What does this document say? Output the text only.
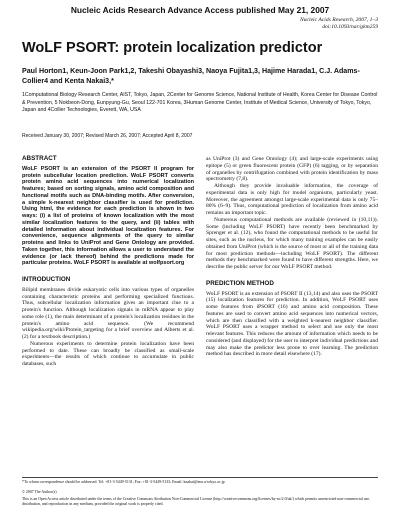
Nucleic Acids Research Advance Access published May 21, 2007
Nucleic Acids Research, 2007, 1–3
doi:10.1093/nar/gkm259
WoLF PSORT: protein localization predictor
Paul Horton1, Keun-Joon Park1,2, Takeshi Obayashi3, Naoya Fujita1,3, Hajime Harada1, C.J. Adams-Collier4 and Kenta Nakai3,*
1Computational Biology Research Center, AIST, Tokyo, Japan, 2Center for Genome Science, National Institute of Health, Korea Center for Disease Control & Prevention, 5 Nokbeon-Dong, Eunpyung-Gu, Seoul 122-701 Korea, 3Human Genome Center, Institute of Medical Science, University of Tokyo, Tokyo, Japan and 4Collier Technologies, Everett, WA, USA
Received January 30, 2007; Revised March 26, 2007; Accepted April 8, 2007
ABSTRACT

WoLF PSORT is an extension of the PSORT II program for protein subcellular location prediction. WoLF PSORT converts protein amino acid sequences into numerical localization features; based on sorting signals, amino acid composition and functional motifs such as DNA-binding motifs. After conversion, a simple k-nearest neighbor classifier is used for prediction. Using html, the evidence for each prediction is shown in two ways: (i) a list of proteins of known localization with the most similar localization features to the query, and (ii) tables with detailed information about individual localization features. For convenience, sequence alignments of the query to similar proteins and links to UniProt and Gene Ontology are provided. Taken together, this information allows a user to understand the evidence (or lack thereof) behind the predictions made for particular proteins. WoLF PSORT is available at wolfpsort.org

INTRODUCTION

Bilipid membranes divide eukaryotic cells into various types of organelles containing characteristic proteins and performing specialized functions. Thus, subcellular localization information gives an important clue to a protein's function. Although localization signals in mRNA appear to play some role (1), the main determinant of a protein's localization residues in the protein's amino acid sequence. (We recommend wikipedia.org/wiki/Protein_targeting for a brief overview and Alberts et al. (2) for a textbook description.)

Numerous experiments to determine protein localization have been performed to date. These can broadly be classified as small-scale experiments—the results of which continue to accumulate in public databases, such

as UniProt (3) and Gene Ontology (4); and large-scale experiments using epitope (5) or green fluorescent protein (GFP) (6) tagging, or by separation of organelles by centrifugation combined with protein identification by mass spectrometry (7,8).

Although they provide invaluable information, the coverage of experimental data is only high for model organisms, particularly yeast. Moreover, the agreement amongst large-scale experimental data is only 75–80% (6–9). Thus, computational prediction of localization from amino acid remains an important topic.

Numerous computational methods are available (reviewed in (10,11)). Some (including WoLF PSORT) have recently been benchmarked by Sprenger et al. (12), who found the computational methods to be useful for sites, such as the nucleus, for which many training examples can be easily obtained from UniProt (which is the source of most or all of the training data for most prediction methods—including WoLF PSORT). The different methods they benchmarked were found to have different strengths. Here, we describe the public server for our WoLF PSORT method.

PREDICTION METHOD

WoLF PSORT is an extension of PSORT II (13,14) and also uses the PSORT (15) localization features for prediction. In addition, WoLF PSORT uses some features from iPSORT (16) and amino acid composition. These features are used to convert amino acid sequences into numerical vectors, which are then classified with a weighted k-nearest neighbor classifier. WoLF PSORT uses a wrapper method to select and use only the most relevant features. This reduces the amount of information which needs to be considered (and displayed) for the user to interpret individual predictions and may also make the predictor less prone to over learning. The prediction method has described in more detail elsewhere (17).

*To whom correspondence should be addressed. Tel: +81-3-5449-5131; Fax: +81-3-5449-5133; Email: knakai@ims.u-tokyo.ac.jp
© 2007 The Author(s)
This is an Open Access article distributed under the terms of the Creative Commons Attribution Non-Commercial License (http://creativecommons.org/licenses/by-nc/2.0/uk/) which permits unrestricted non-commercial use, distribution, and reproduction in any medium, provided the original work is properly cited.
